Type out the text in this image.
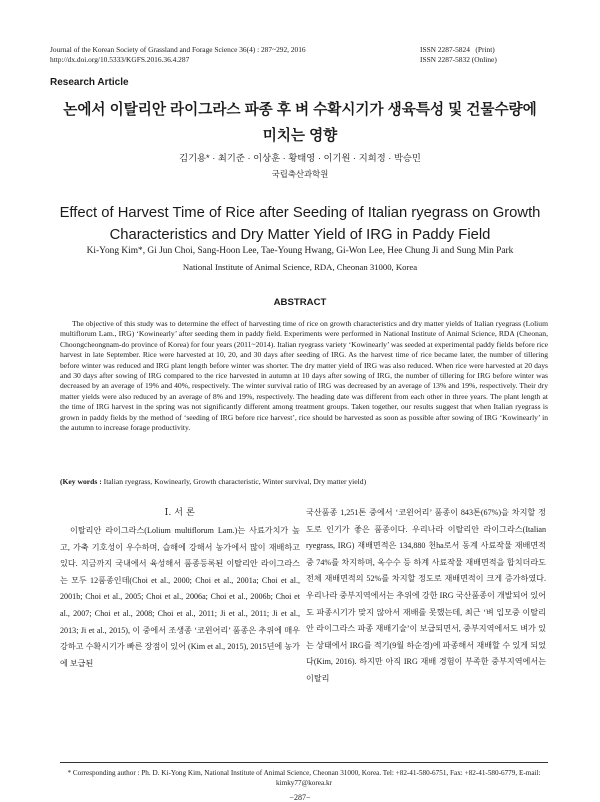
Journal of the Korean Society of Grassland and Forage Science 36(4) : 287~292, 2016
http://dx.doi.org/10.5333/KGFS.2016.36.4.287
ISSN 2287-5824   (Print)
ISSN 2287-5832 (Online)
Research Article
논에서 이탈리안 라이그라스 파종 후 벼 수확시기가 생육특성 및 건물수량에
미치는 영향
김기용* · 최기준 · 이상훈 · 황태영 · 이기원 · 지희정 · 박승민
국립축산과학원
Effect of Harvest Time of Rice after Seeding of Italian ryegrass on Growth
Characteristics and Dry Matter Yield of IRG in Paddy Field
Ki-Yong Kim*, Gi Jun Choi, Sang-Hoon Lee, Tae-Young Hwang, Gi-Won Lee, Hee Chung Ji and Sung Min Park
National Institute of Animal Science, RDA, Cheonan 31000, Korea
ABSTRACT

The objective of this study was to determine the effect of harvesting time of rice on growth characteristics and dry matter yields of Italian ryegrass (Lolium multiflorum Lam., IRG) ‘Kowinearly’ after seeding them in paddy field. Experiments were performed in National Institute of Animal Science, RDA (Cheonan, Choongcheongnam-do province of Korea) for four years (2011~2014). Italian ryegrass variety ‘Kowinearly’ was seeded at experimental paddy fields before rice harvest in late September. Rice were harvested at 10, 20, and 30 days after seeding of IRG. As the harvest time of rice became later, the number of tillering before winter was reduced and IRG plant length before winter was shorter. The dry matter yield of IRG was also reduced. When rice were harvested at 20 days and 30 days after sowing of IRG compared to the rice harvested in autumn at 10 days after sowing of IRG, the number of tillering for IRG before winter was decreased by an average of 19% and 40%, respectively. The winter survival ratio of IRG was decreased by an average of 13% and 19%, respectively. Their dry matter yields were also reduced by an average of 8% and 19%, respectively. The heading date was different from each other in three years. The plant length at the time of IRG harvest in the spring was not significantly different among treatment groups. Taken together, our results suggest that when Italian ryegrass is grown in paddy fields by the method of ‘seeding of IRG before rice harvest’, rice should be harvested as soon as possible after sowing of IRG ‘Kowinearly’ in the autumn to increase forage productivity.

(Key words : Italian ryegrass, Kowinearly, Growth characteristic, Winter survival, Dry matter yield)

Ⅰ. 서 론

이탈리안 라이그라스(Lolium multiflorum Lam.)는 사료가치가 높고, 가축 기호성이 우수하며, 습해에 강해서 농가에서 많이 재배하고 있다. 지금까지 국내에서 육성해서 품종등록된 이탈리안 라이그라스는 모두 12품종인데(Choi et al., 2000; Choi et al., 2001a; Choi et al., 2001b; Choi et al., 2005; Choi et al., 2006a; Choi et al., 2006b; Choi et al., 2007; Choi et al., 2008; Choi et al., 2011; Ji et al., 2011; Ji et al., 2013; Ji et al., 2015), 이 중에서 조생종 ‘코윈어리’ 품종은 추위에 매우 강하고 수확시기가 빠른 장점이 있어 (Kim et al., 2015), 2015년에 농가에 보급된

국산품종 1,251톤 중에서 ‘코윈어리’ 품종이 843톤(67%)을 차지할 정도로 인기가 좋은 품종이다. 우리나라 이탈리안 라이그라스(Italian ryegrass, IRG) 재배면적은 134,880 천ha로서 동계 사료작물 재배면적 중 74%를 차지하며, 옥수수 등 하계 사료작물 재배면적을 합치더라도 전체 재배면적의 52%를 차지할 정도로 재배면적이 크게 증가하였다. 우리나라 중부지역에서는 추위에 강한 IRG 국산품종이 개발되어 있어도 파종시기가 맞지 않아서 재배를 못했는데, 최근 ‘벼 입모중 이탈리안 라이그라스 파종 재배기술’이 보급되면서, 중부지역에서도 벼가 있는 상태에서 IRG를 적기(9월 하순경)에 파종해서 재배할 수 있게 되었다(Kim, 2016). 하지만 아직 IRG 재배 경험이 부족한 중부지역에서는 이탈리

* Corresponding author : Ph. D. Ki-Yong Kim, National Institute of Animal Science, Cheonan 31000, Korea. Tel: +82-41-580-6751, Fax: +82-41-580-6779, E-mail: kimky77@korea.kr

−287−
